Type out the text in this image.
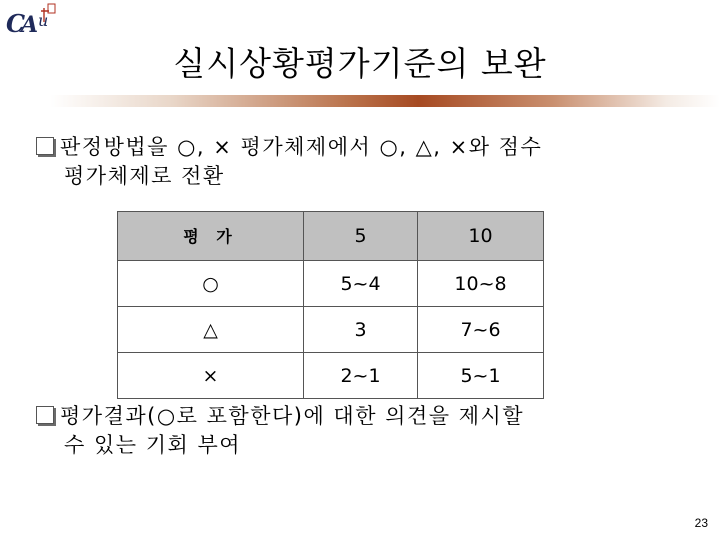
C
A u
실시상황평가기준의 보완
판정방법을 ○, × 평가체제에서 ○, △, ×와 점수
평가체제로 전환
평 가	5	10
○	5~4	10~8
△	3	7~6
×	2~1	5~1
평가결과(○로 포함한다)에 대한 의견을 제시할
수 있는 기회 부여
23
